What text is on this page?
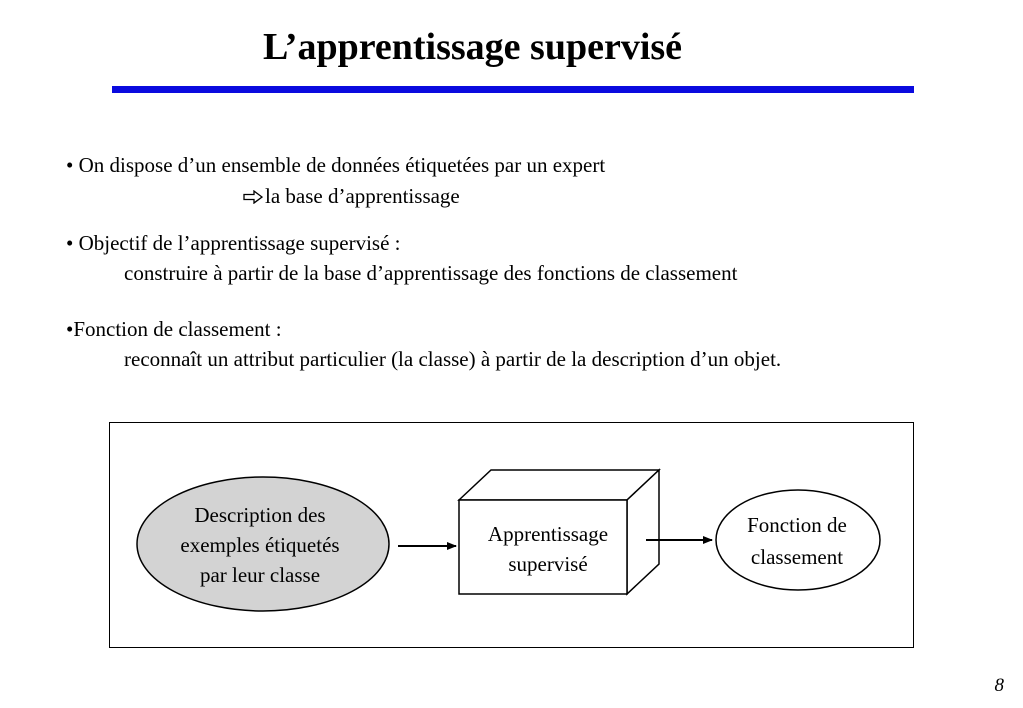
L’apprentissage supervisé
• On dispose d’un ensemble de données étiquetées par un expert
la base d’apprentissage
• Objectif de l’apprentissage supervisé :
construire à partir de la base d’apprentissage des fonctions de classement
•Fonction de classement :
reconnaît un attribut particulier (la classe) à partir de la description d’un objet.
Description des
exemples étiquetés
par leur classe
Apprentissage
supervisé
Fonction de
classement
8
